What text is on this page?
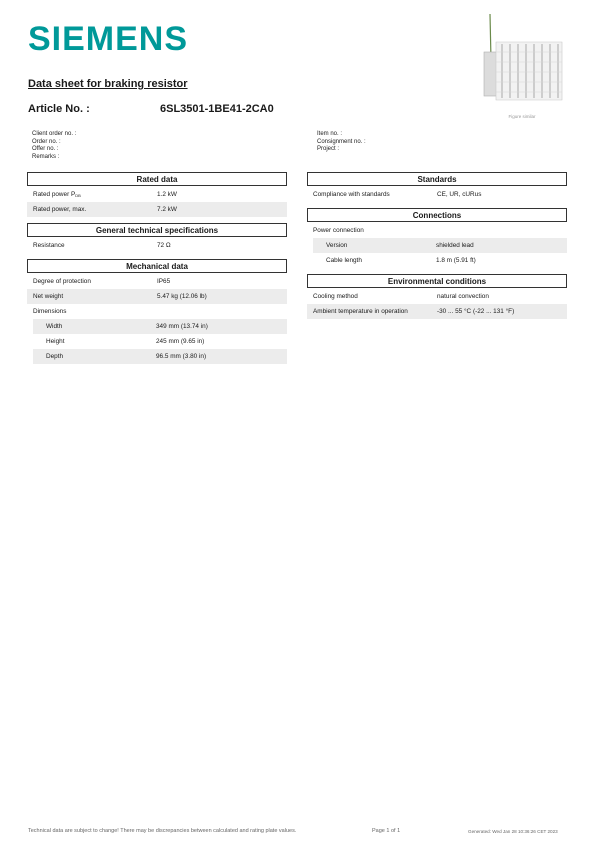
SIEMENS
Figure similar
Data sheet for braking resistor
Article No. :	6SL3501-1BE41-2CA0
Client order no. :
Order no. :
Offer no. :
Remarks :
Item no. :
Consignment no. :
Project :
Rated data
Rated power $P_{DB}$	1.2 kW
Rated power, max.	7.2 kW
General technical specifications
Resistance	72 Ω
Mechanical data
Degree of protection	IP65
Net weight	5.47 kg (12.06 lb)
Dimensions
Width	349 mm (13.74 in)
Height	245 mm (9.65 in)
Depth	96.5 mm (3.80 in)
Standards
Compliance with standards	CE, UR, cURus
Connections
Power connection
Version	shielded lead
Cable length	1.8 m (5.91 ft)
Environmental conditions
Cooling method	natural convection
Ambient temperature in operation	-30 ... 55 °C (-22 ... 131 °F)
Technical data are subject to change! There may be discrepancies between calculated and rating plate values.	Page 1 of 1	Generated: Wed Jan 28 10:36:26 CET 2023
